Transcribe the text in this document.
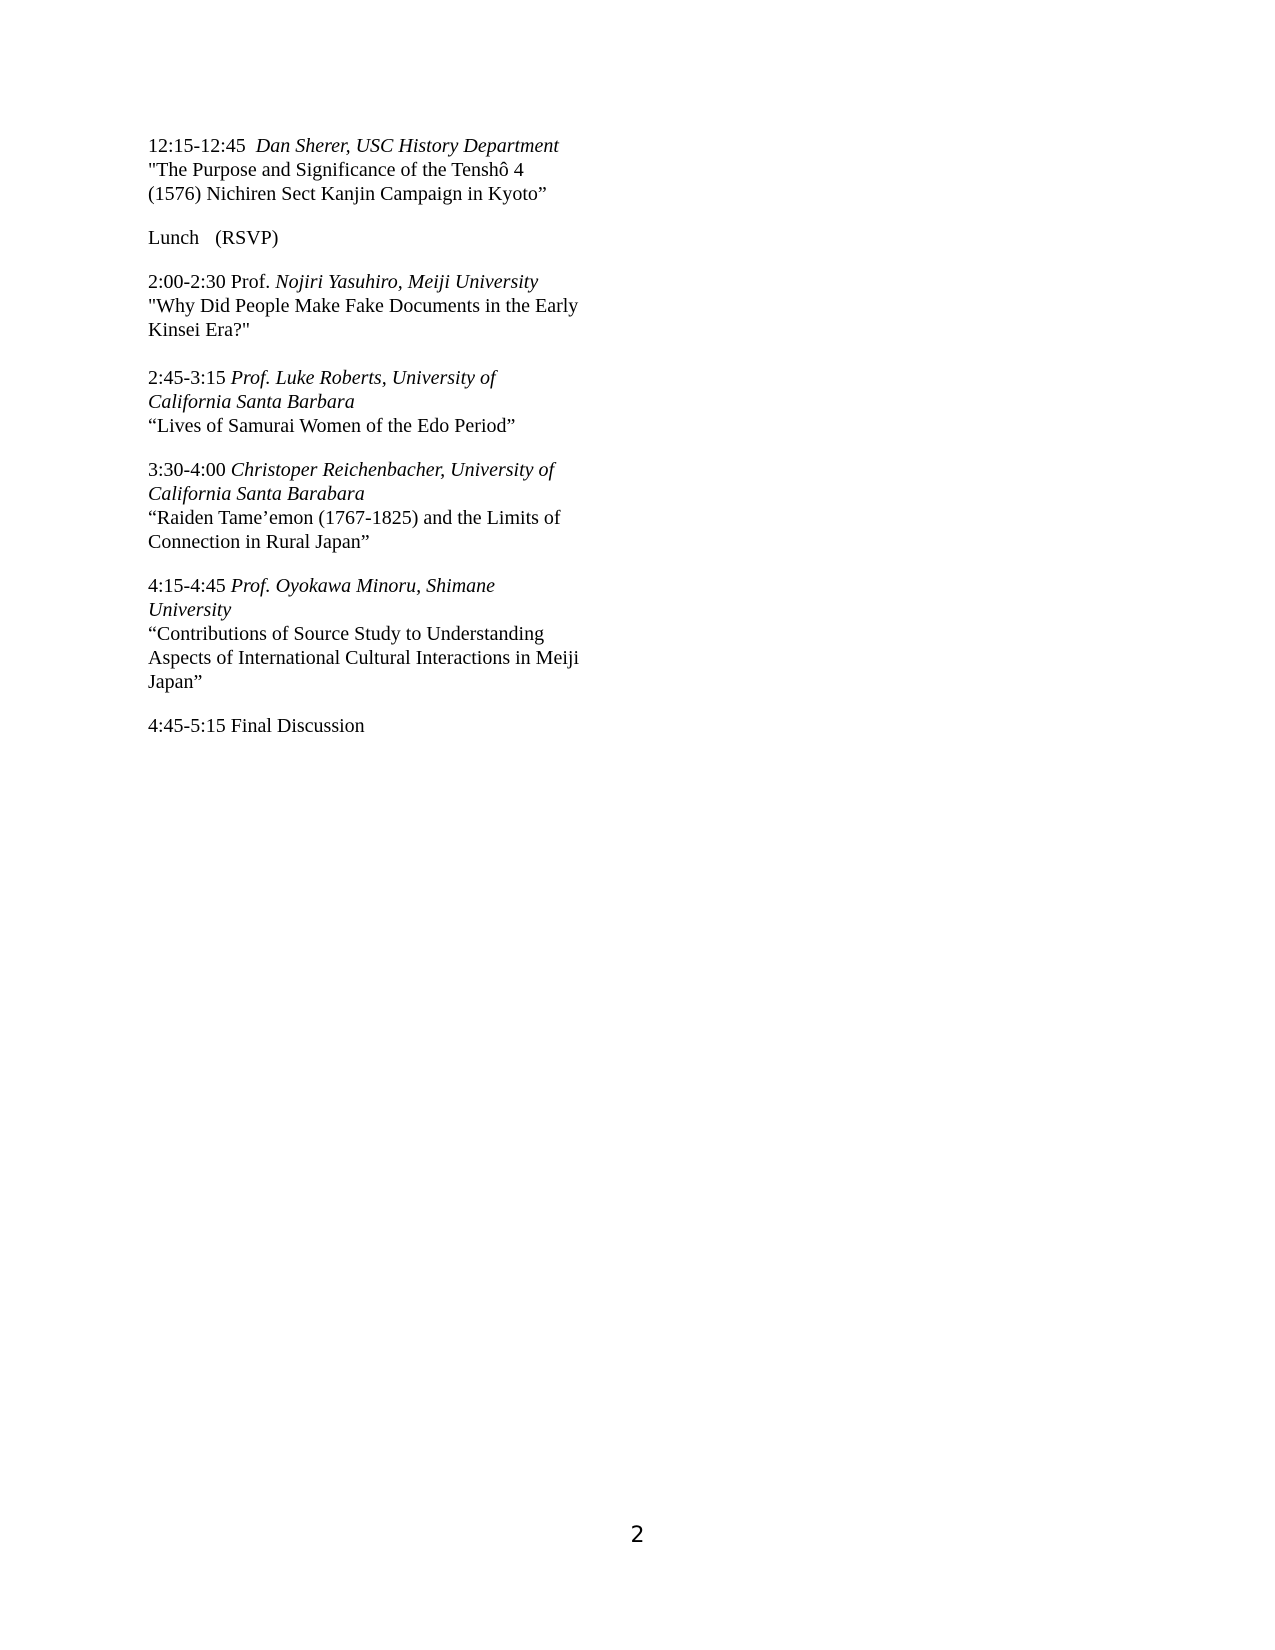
12:15-12:45 Dan Sherer, USC History Department

"The Purpose and Significance of the Tenshô 4

(1576) Nichiren Sect Kanjin Campaign in Kyoto”

Lunch (RSVP)

2:00-2:30 Prof. Nojiri Yasuhiro, Meiji University

"Why Did People Make Fake Documents in the Early

Kinsei Era?"

2:45-3:15 Prof. Luke Roberts, University of

California Santa Barbara

“Lives of Samurai Women of the Edo Period”

3:30-4:00 Christoper Reichenbacher, University of

California Santa Barabara

“Raiden Tame’emon (1767-1825) and the Limits of

Connection in Rural Japan”

4:15-4:45 Prof. Oyokawa Minoru, Shimane

University

“Contributions of Source Study to Understanding

Aspects of International Cultural Interactions in Meiji

Japan”

4:45-5:15 Final Discussion

2
